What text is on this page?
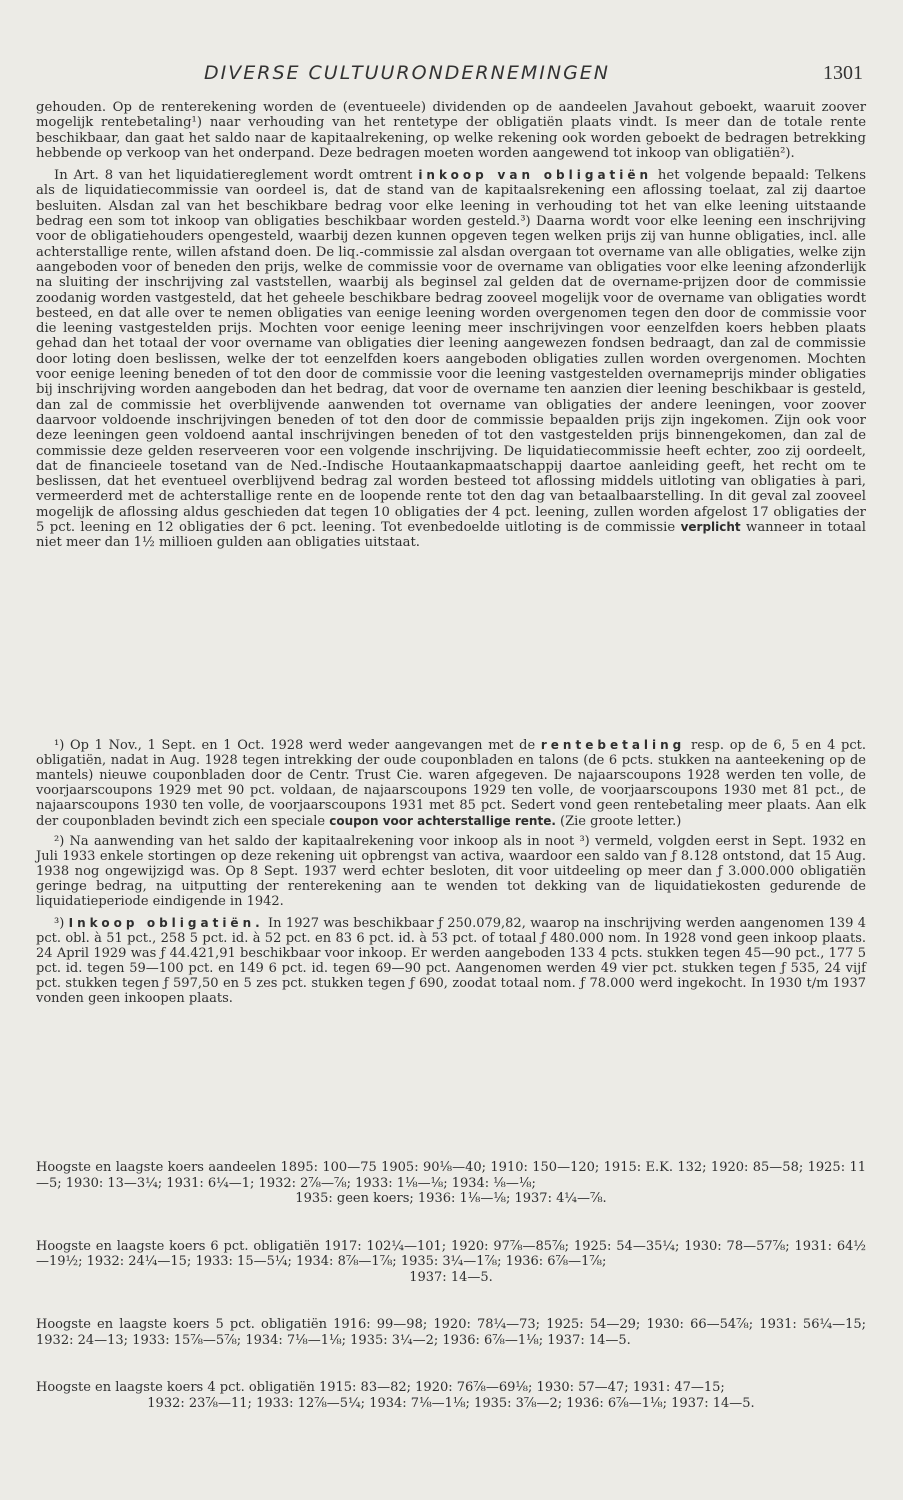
DIVERSE CULTUURONDERNEMINGEN	1301

gehouden. Op de renterekening worden de (eventueele) dividenden op de aandeelen Javahout geboekt, waaruit zoover mogelijk rentebetaling¹) naar verhouding van het rentetype der obligatiën plaats vindt. Is meer dan de totale rente beschikbaar, dan gaat het saldo naar de kapitaalrekening, op welke rekening ook worden geboekt de bedragen betrekking hebbende op verkoop van het onderpand. Deze bedragen moeten worden aangewend tot inkoop van obligatiën²).

In Art. 8 van het liquidatiereglement wordt omtrent inkoop van obligatiën het volgende bepaald: Telkens als de liquidatiecommissie van oordeel is, dat de stand van de kapitaalsrekening een aflossing toelaat, zal zij daartoe besluiten. Alsdan zal van het beschikbare bedrag voor elke leening in verhouding tot het van elke leening uitstaande bedrag een som tot inkoop van obligaties beschikbaar worden gesteld.³) Daarna wordt voor elke leening een inschrijving voor de obligatiehouders opengesteld, waarbij dezen kunnen opgeven tegen welken prijs zij van hunne obligaties, incl. alle achterstallige rente, willen afstand doen. De liq.-commissie zal alsdan overgaan tot overname van alle obligaties, welke zijn aangeboden voor of beneden den prijs, welke de commissie voor de overname van obligaties voor elke leening afzonderlijk na sluiting der inschrijving zal vaststellen, waarbij als beginsel zal gelden dat de overname-prijzen door de commissie zoodanig worden vastgesteld, dat het geheele beschikbare bedrag zooveel mogelijk voor de overname van obligaties wordt besteed, en dat alle over te nemen obligaties van eenige leening worden overgenomen tegen den door de commissie voor die leening vastgestelden prijs. Mochten voor eenige leening meer inschrijvingen voor eenzelfden koers hebben plaats gehad dan het totaal der voor overname van obligaties dier leening aangewezen fondsen bedraagt, dan zal de commissie door loting doen beslissen, welke der tot eenzelfden koers aangeboden obligaties zullen worden overgenomen. Mochten voor eenige leening beneden of tot den door de commissie voor die leening vastgestelden overnameprijs minder obligaties bij inschrijving worden aangeboden dan het bedrag, dat voor de overname ten aanzien dier leening beschikbaar is gesteld, dan zal de commissie het overblijvende aanwenden tot overname van obligaties der andere leeningen, voor zoover daarvoor voldoende inschrijvingen beneden of tot den door de commissie bepaalden prijs zijn ingekomen. Zijn ook voor deze leeningen geen voldoend aantal inschrijvingen beneden of tot den vastgestelden prijs binnengekomen, dan zal de commissie deze gelden reserveeren voor een volgende inschrijving. De liquidatiecommissie heeft echter, zoo zij oordeelt, dat de financieele tosetand van de Ned.-Indische Houtaankapmaatschappij daartoe aanleiding geeft, het recht om te beslissen, dat het eventueel overblijvend bedrag zal worden besteed tot aflossing middels uitloting van obligaties à pari, vermeerderd met de achterstallige rente en de loopende rente tot den dag van betaalbaarstelling. In dit geval zal zooveel mogelijk de aflossing aldus geschieden dat tegen 10 obligaties der 4 pct. leening, zullen worden afgelost 17 obligaties der 5 pct. leening en 12 obligaties der 6 pct. leening. Tot evenbedoelde uitloting is de commissie verplicht wanneer in totaal niet meer dan 1½ millioen gulden aan obligaties uitstaat.

¹) Op 1 Nov., 1 Sept. en 1 Oct. 1928 werd weder aangevangen met de rentebetaling resp. op de 6, 5 en 4 pct. obligatiën, nadat in Aug. 1928 tegen intrekking der oude couponbladen en talons (de 6 pcts. stukken na aanteekening op de mantels) nieuwe couponbladen door de Centr. Trust Cie. waren afgegeven. De najaarscoupons 1928 werden ten volle, de voorjaarscoupons 1929 met 90 pct. voldaan, de najaarscoupons 1929 ten volle, de voorjaarscoupons 1930 met 81 pct., de najaarscoupons 1930 ten volle, de voorjaarscoupons 1931 met 85 pct. Sedert vond geen rentebetaling meer plaats. Aan elk der couponbladen bevindt zich een speciale coupon voor achterstallige rente. (Zie groote letter.)

²) Na aanwending van het saldo der kapitaalrekening voor inkoop als in noot ³) vermeld, volgden eerst in Sept. 1932 en Juli 1933 enkele stortingen op deze rekening uit opbrengst van activa, waardoor een saldo van ƒ 8.128 ontstond, dat 15 Aug. 1938 nog ongewijzigd was. Op 8 Sept. 1937 werd echter besloten, dit voor uitdeeling op meer dan ƒ 3.000.000 obligatiën geringe bedrag, na uitputting der renterekening aan te wenden tot dekking van de liquidatiekosten gedurende de liquidatieperiode eindigende in 1942.

³) Inkoop obligatiën. In 1927 was beschikbaar ƒ 250.079,82, waarop na inschrijving werden aangenomen 139 4 pct. obl. à 51 pct., 258 5 pct. id. à 52 pct. en 83 6 pct. id. à 53 pct. of totaal ƒ 480.000 nom. In 1928 vond geen inkoop plaats. 24 April 1929 was ƒ 44.421,91 beschikbaar voor inkoop. Er werden aangeboden 133 4 pcts. stukken tegen 45—90 pct., 177 5 pct. id. tegen 59—100 pct. en 149 6 pct. id. tegen 69—90 pct. Aangenomen werden 49 vier pct. stukken tegen ƒ 535, 24 vijf pct. stukken tegen ƒ 597,50 en 5 zes pct. stukken tegen ƒ 690, zoodat totaal nom. ƒ 78.000 werd ingekocht. In 1930 t/m 1937 vonden geen inkoopen plaats.

Hoogste en laagste koers aandeelen 1895: 100—75 1905: 90⅛—40; 1910: 150—120; 1915: E.K. 132; 1920: 85—58; 1925: 11—5; 1930: 13—3¼; 1931: 6¼—1; 1932: 2⅞—⅞; 1933: 1⅛—⅛; 1934: ⅛—⅛;
1935: geen koers; 1936: 1⅛—⅛; 1937: 4¼—⅞.
Hoogste en laagste koers 6 pct. obligatiën 1917: 102¼—101; 1920: 97⅞—85⅞; 1925: 54—35¼; 1930: 78—57⅞; 1931: 64½—19½; 1932: 24¼—15; 1933: 15—5¼; 1934: 8⅞—1⅞; 1935: 3¼—1⅞; 1936: 6⅞—1⅞;
1937: 14—5.
Hoogste en laagste koers 5 pct. obligatiën 1916: 99—98; 1920: 78¼—73; 1925: 54—29; 1930: 66—54⅞; 1931: 56¼—15; 1932: 24—13; 1933: 15⅞—5⅞; 1934: 7⅛—1⅛; 1935: 3¼—2; 1936: 6⅞—1⅛; 1937: 14—5.
Hoogste en laagste koers 4 pct. obligatiën 1915: 83—82; 1920: 76⅞—69⅛; 1930: 57—47; 1931: 47—15;
1932: 23⅞—11; 1933: 12⅞—5¼; 1934: 7⅛—1⅛; 1935: 3⅞—2; 1936: 6⅞—1⅛; 1937: 14—5.
